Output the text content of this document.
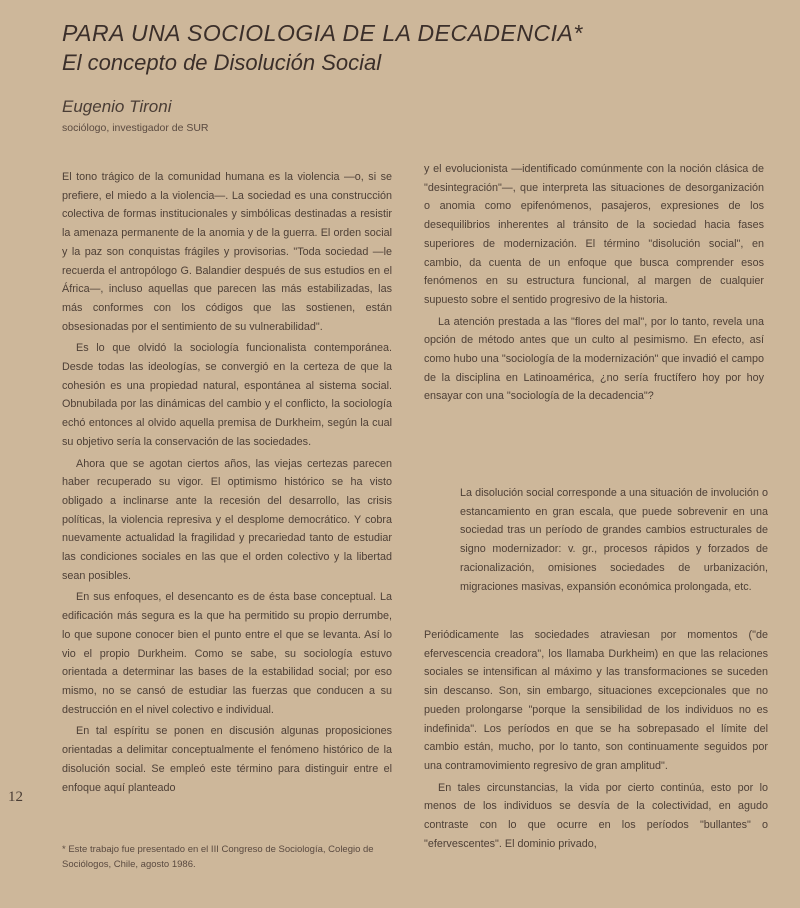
PARA UNA SOCIOLOGIA DE LA DECADENCIA*
El concepto de Disolución Social
Eugenio Tironi
sociólogo, investigador de SUR

El tono trágico de la comunidad humana es la violencia —o, si se prefiere, el miedo a la violencia—. La sociedad es una construcción colectiva de formas institucionales y simbólicas destinadas a resistir la amenaza permanente de la anomia y de la guerra. El orden social y la paz son conquistas frágiles y provisorias. "Toda sociedad —le recuerda el antropólogo G. Balandier después de sus estudios en el África—, incluso aquellas que parecen las más estabilizadas, las más conformes con los códigos que las sostienen, están obsesionadas por el sentimiento de su vulnerabilidad".

Es lo que olvidó la sociología funcionalista contemporánea. Desde todas las ideologías, se convergió en la certeza de que la cohesión es una propiedad natural, espontánea al sistema social. Obnubilada por las dinámicas del cambio y el conflicto, la sociología echó entonces al olvido aquella premisa de Durkheim, según la cual su objetivo sería la conservación de las sociedades.

Ahora que se agotan ciertos años, las viejas certezas parecen haber recuperado su vigor. El optimismo histórico se ha visto obligado a inclinarse ante la recesión del desarrollo, las crisis políticas, la violencia represiva y el desplome democrático. Y cobra nuevamente actualidad la fragilidad y precariedad tanto de estudiar las condiciones sociales en las que el orden colectivo y la libertad sean posibles.

En sus enfoques, el desencanto es de ésta base conceptual. La edificación más segura es la que ha permitido su propio derrumbe, lo que supone conocer bien el punto entre el que se levanta. Así lo vio el propio Durkheim. Como se sabe, su sociología estuvo orientada a determinar las bases de la estabilidad social; por eso mismo, no se cansó de estudiar las fuerzas que conducen a su destrucción en el nivel colectivo e individual.

En tal espíritu se ponen en discusión algunas proposiciones orientadas a delimitar conceptualmente el fenómeno histórico de la disolución social. Se empleó este término para distinguir entre el enfoque aquí planteado

y el evolucionista —identificado comúnmente con la noción clásica de "desintegración"—, que interpreta las situaciones de desorganización o anomia como epifenómenos, pasajeros, expresiones de los desequilibrios inherentes al tránsito de la sociedad hacia fases superiores de modernización. El término "disolución social", en cambio, da cuenta de un enfoque que busca comprender esos fenómenos en su estructura funcional, al margen de cualquier supuesto sobre el sentido progresivo de la historia.

La atención prestada a las "flores del mal", por lo tanto, revela una opción de método antes que un culto al pesimismo. En efecto, así como hubo una "sociología de la modernización" que invadió el campo de la disciplina en Latinoamérica, ¿no sería fructífero hoy por hoy ensayar con una "sociología de la decadencia"?

La disolución social corresponde a una situación de involución o estancamiento en gran escala, que puede sobrevenir en una sociedad tras un período de grandes cambios estructurales de signo modernizador: v. gr., procesos rápidos y forzados de racionalización, omisiones sociedades de urbanización, migraciones masivas, expansión económica prolongada, etc.

Periódicamente las sociedades atraviesan por momentos ("de efervescencia creadora", los llamaba Durkheim) en que las relaciones sociales se intensifican al máximo y las transformaciones se suceden sin descanso. Son, sin embargo, situaciones excepcionales que no pueden prolongarse "porque la sensibilidad de los individuos no es indefinida". Los períodos en que se ha sobrepasado el límite del cambio están, mucho, por lo tanto, son continuamente seguidos por una contramovimiento regresivo de gran amplitud".

En tales circunstancias, la vida por cierto continúa, esto por lo menos de los individuos se desvía de la colectividad, en agudo contraste con lo que ocurre en los períodos "bullantes" o "efervescentes". El dominio privado,

* Este trabajo fue presentado en el III Congreso de Sociología, Colegio de Sociólogos, Chile, agosto 1986.
12
